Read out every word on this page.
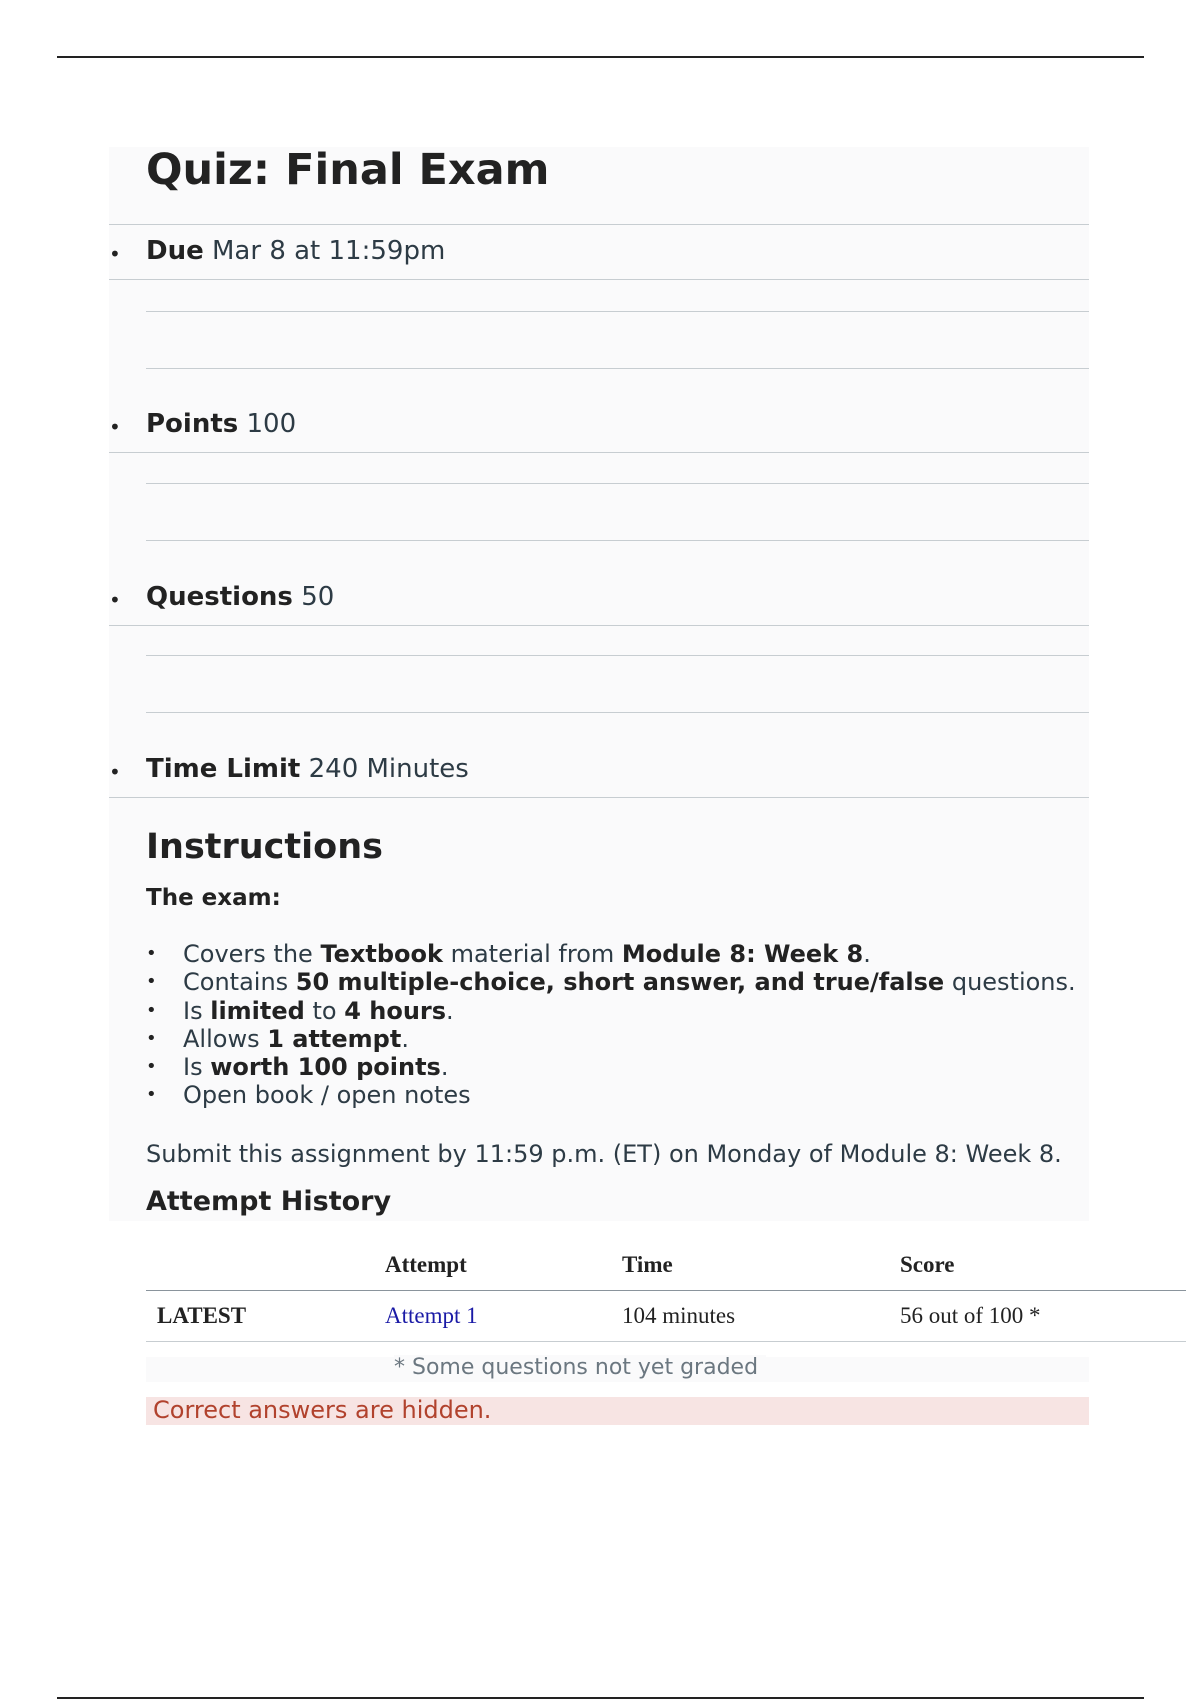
Quiz: Final Exam
• Due Mar 8 at 11:59pm
• Points 100
• Questions 50
• Time Limit 240 Minutes
Instructions

The exam:

• Covers the Textbook material from Module 8: Week 8.
• Contains 50 multiple-choice, short answer, and true/false questions.
• Is limited to 4 hours.
• Allows 1 attempt.
• Is worth 100 points.
• Open book / open notes

Submit this assignment by 11:59 p.m. (ET) on Monday of Module 8: Week 8.

Attempt History
	Attempt	Time	Score
LATEST	Attempt 1	104 minutes	56 out of 100 *

* Some questions not yet graded

Correct answers are hidden.
